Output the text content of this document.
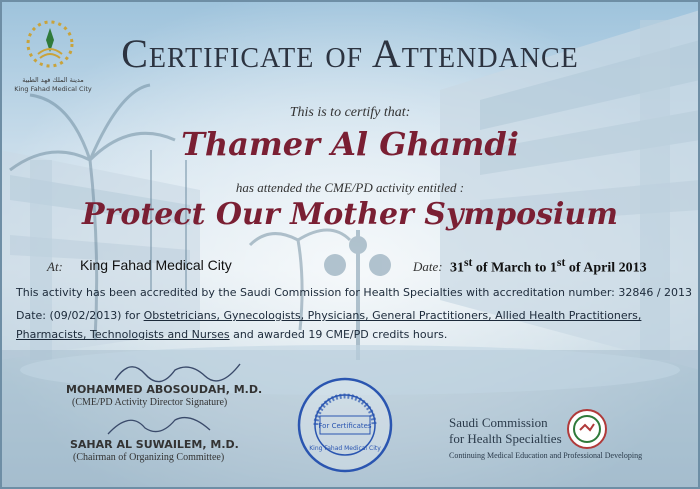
مدينة الملك فهد الطبية
King Fahad Medical City
Certificate of Attendance
This is to certify that:
Thamer Al Ghamdi
has attended the CME/PD activity entitled :
Protect Our Mother Symposium
At: King Fahad Medical City	Date: 31st of March to 1st of April 2013
This activity has been accredited by the Saudi Commission for Health Specialties with accreditation number: 32846 / 2013
Date: (09/02/2013) for Obstetricians, Gynecologists, Physicians, General Practitioners, Allied Health Practitioners, Pharmacists, Technologists and Nurses and awarded 19 CME/PD credits hours.
MOHAMMED ABOSOUDAH, M.D.
(CME/PD Activity Director Signature)
SAHAR AL SUWAILEM, M.D.
(Chairman of Organizing Committee)
For Certificates
King Fahad Medical City
Saudi Commission
for Health Specialties
Continuing Medical Education and Professional Developing
